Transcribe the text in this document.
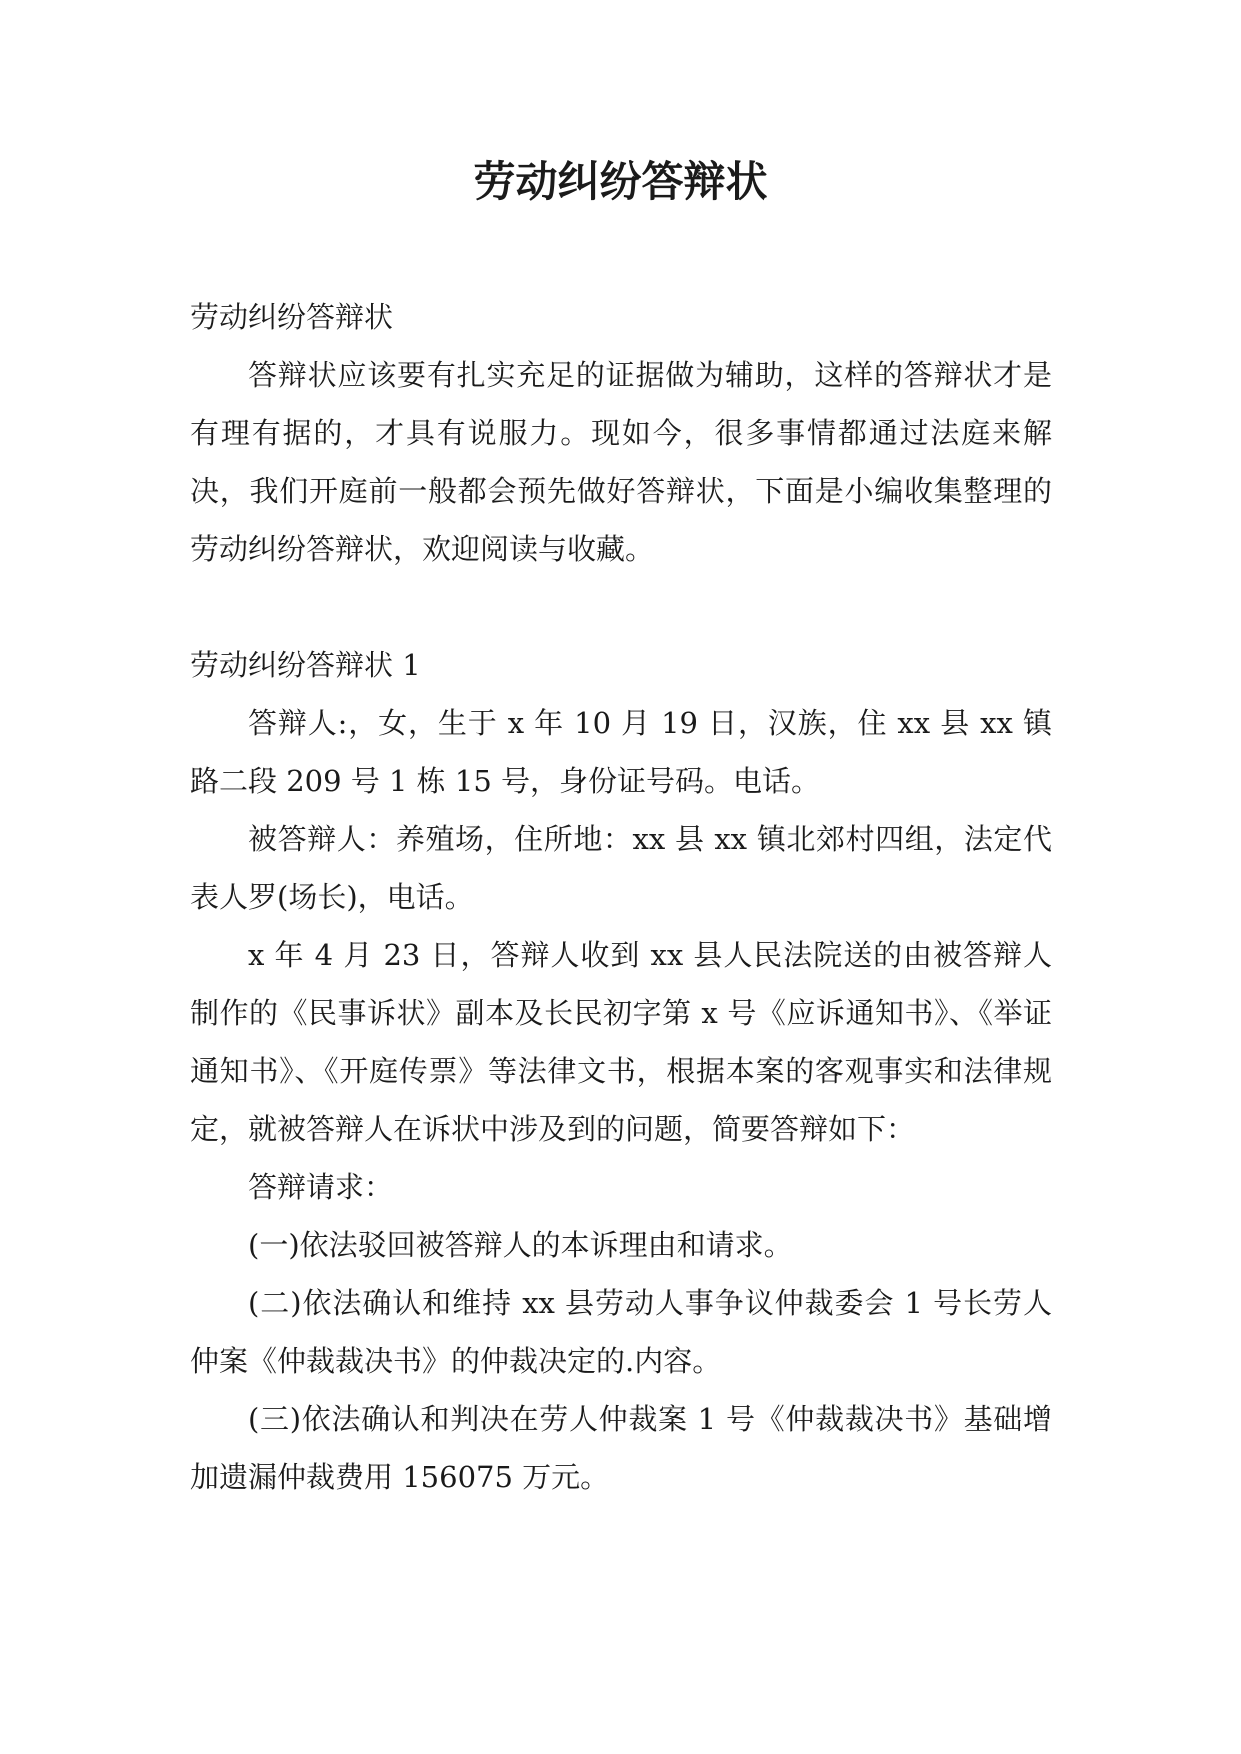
劳动纠纷答辩状

劳动纠纷答辩状

答辩状应该要有扎实充足的证据做为辅助，这样的答辩状才是有理有据的，才具有说服力。现如今，很多事情都通过法庭来解决，我们开庭前一般都会预先做好答辩状，下面是小编收集整理的劳动纠纷答辩状，欢迎阅读与收藏。

劳动纠纷答辩状 1

答辩人:，女，生于 x 年 10 月 19 日，汉族，住 xx 县 xx 镇路二段 209 号 1 栋 15 号，身份证号码。电话。

被答辩人：养殖场，住所地：xx 县 xx 镇北郊村四组，法定代表人罗(场长)，电话。

x 年 4 月 23 日，答辩人收到 xx 县人民法院送的由被答辩人制作的《民事诉状》副本及长民初字第 x 号《应诉通知书》、《举证通知书》、《开庭传票》等法律文书，根据本案的客观事实和法律规定，就被答辩人在诉状中涉及到的问题，简要答辩如下：

答辩请求：

(一)依法驳回被答辩人的本诉理由和请求。

(二)依法确认和维持 xx 县劳动人事争议仲裁委会 1 号长劳人仲案《仲裁裁决书》的仲裁决定的.内容。

(三)依法确认和判决在劳人仲裁案 1 号《仲裁裁决书》基础增加遗漏仲裁费用 156075 万元。
